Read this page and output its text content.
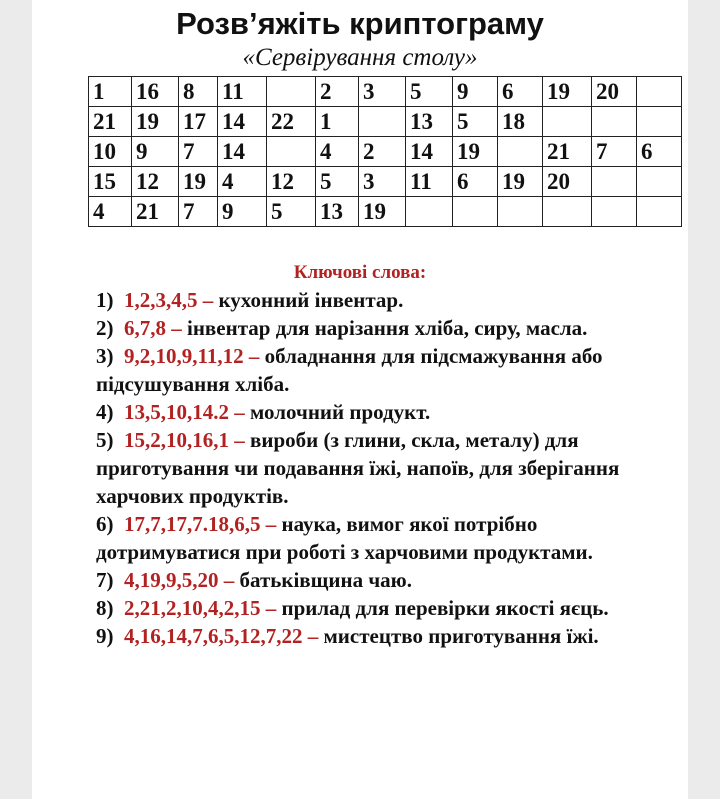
Розв’яжіть криптограму
«Сервірування столу»
1	16	8	11		2	3	5	9	6	19	20	
21	19	17	14	22	1		13	5	18			
10	9	7	14		4	2	14	19		21	7	6
15	12	19	4	12	5	3	11	6	19	20		
4	21	7	9	5	13	19						
Ключові слова:

1) 1,2,3,4,5 – кухонний інвентар.

2) 6,7,8 – інвентар для нарізання хліба, сиру, масла.

3) 9,2,10,9,11,12 – обладнання для підсмажування або підсушування хліба.

4) 13,5,10,14.2 – молочний продукт.

5) 15,2,10,16,1 – вироби (з глини, скла, металу) для приготування чи подавання їжі, напоїв, для зберігання харчових продуктів.

6) 17,7,17,7.18,6,5 – наука, вимог якої потрібно дотримуватися при роботі з харчовими продуктами.

7) 4,19,9,5,20 – батьківщина чаю.

8) 2,21,2,10,4,2,15 – прилад для перевірки якості яєць.

9) 4,16,14,7,6,5,12,7,22 – мистецтво приготування їжі.
